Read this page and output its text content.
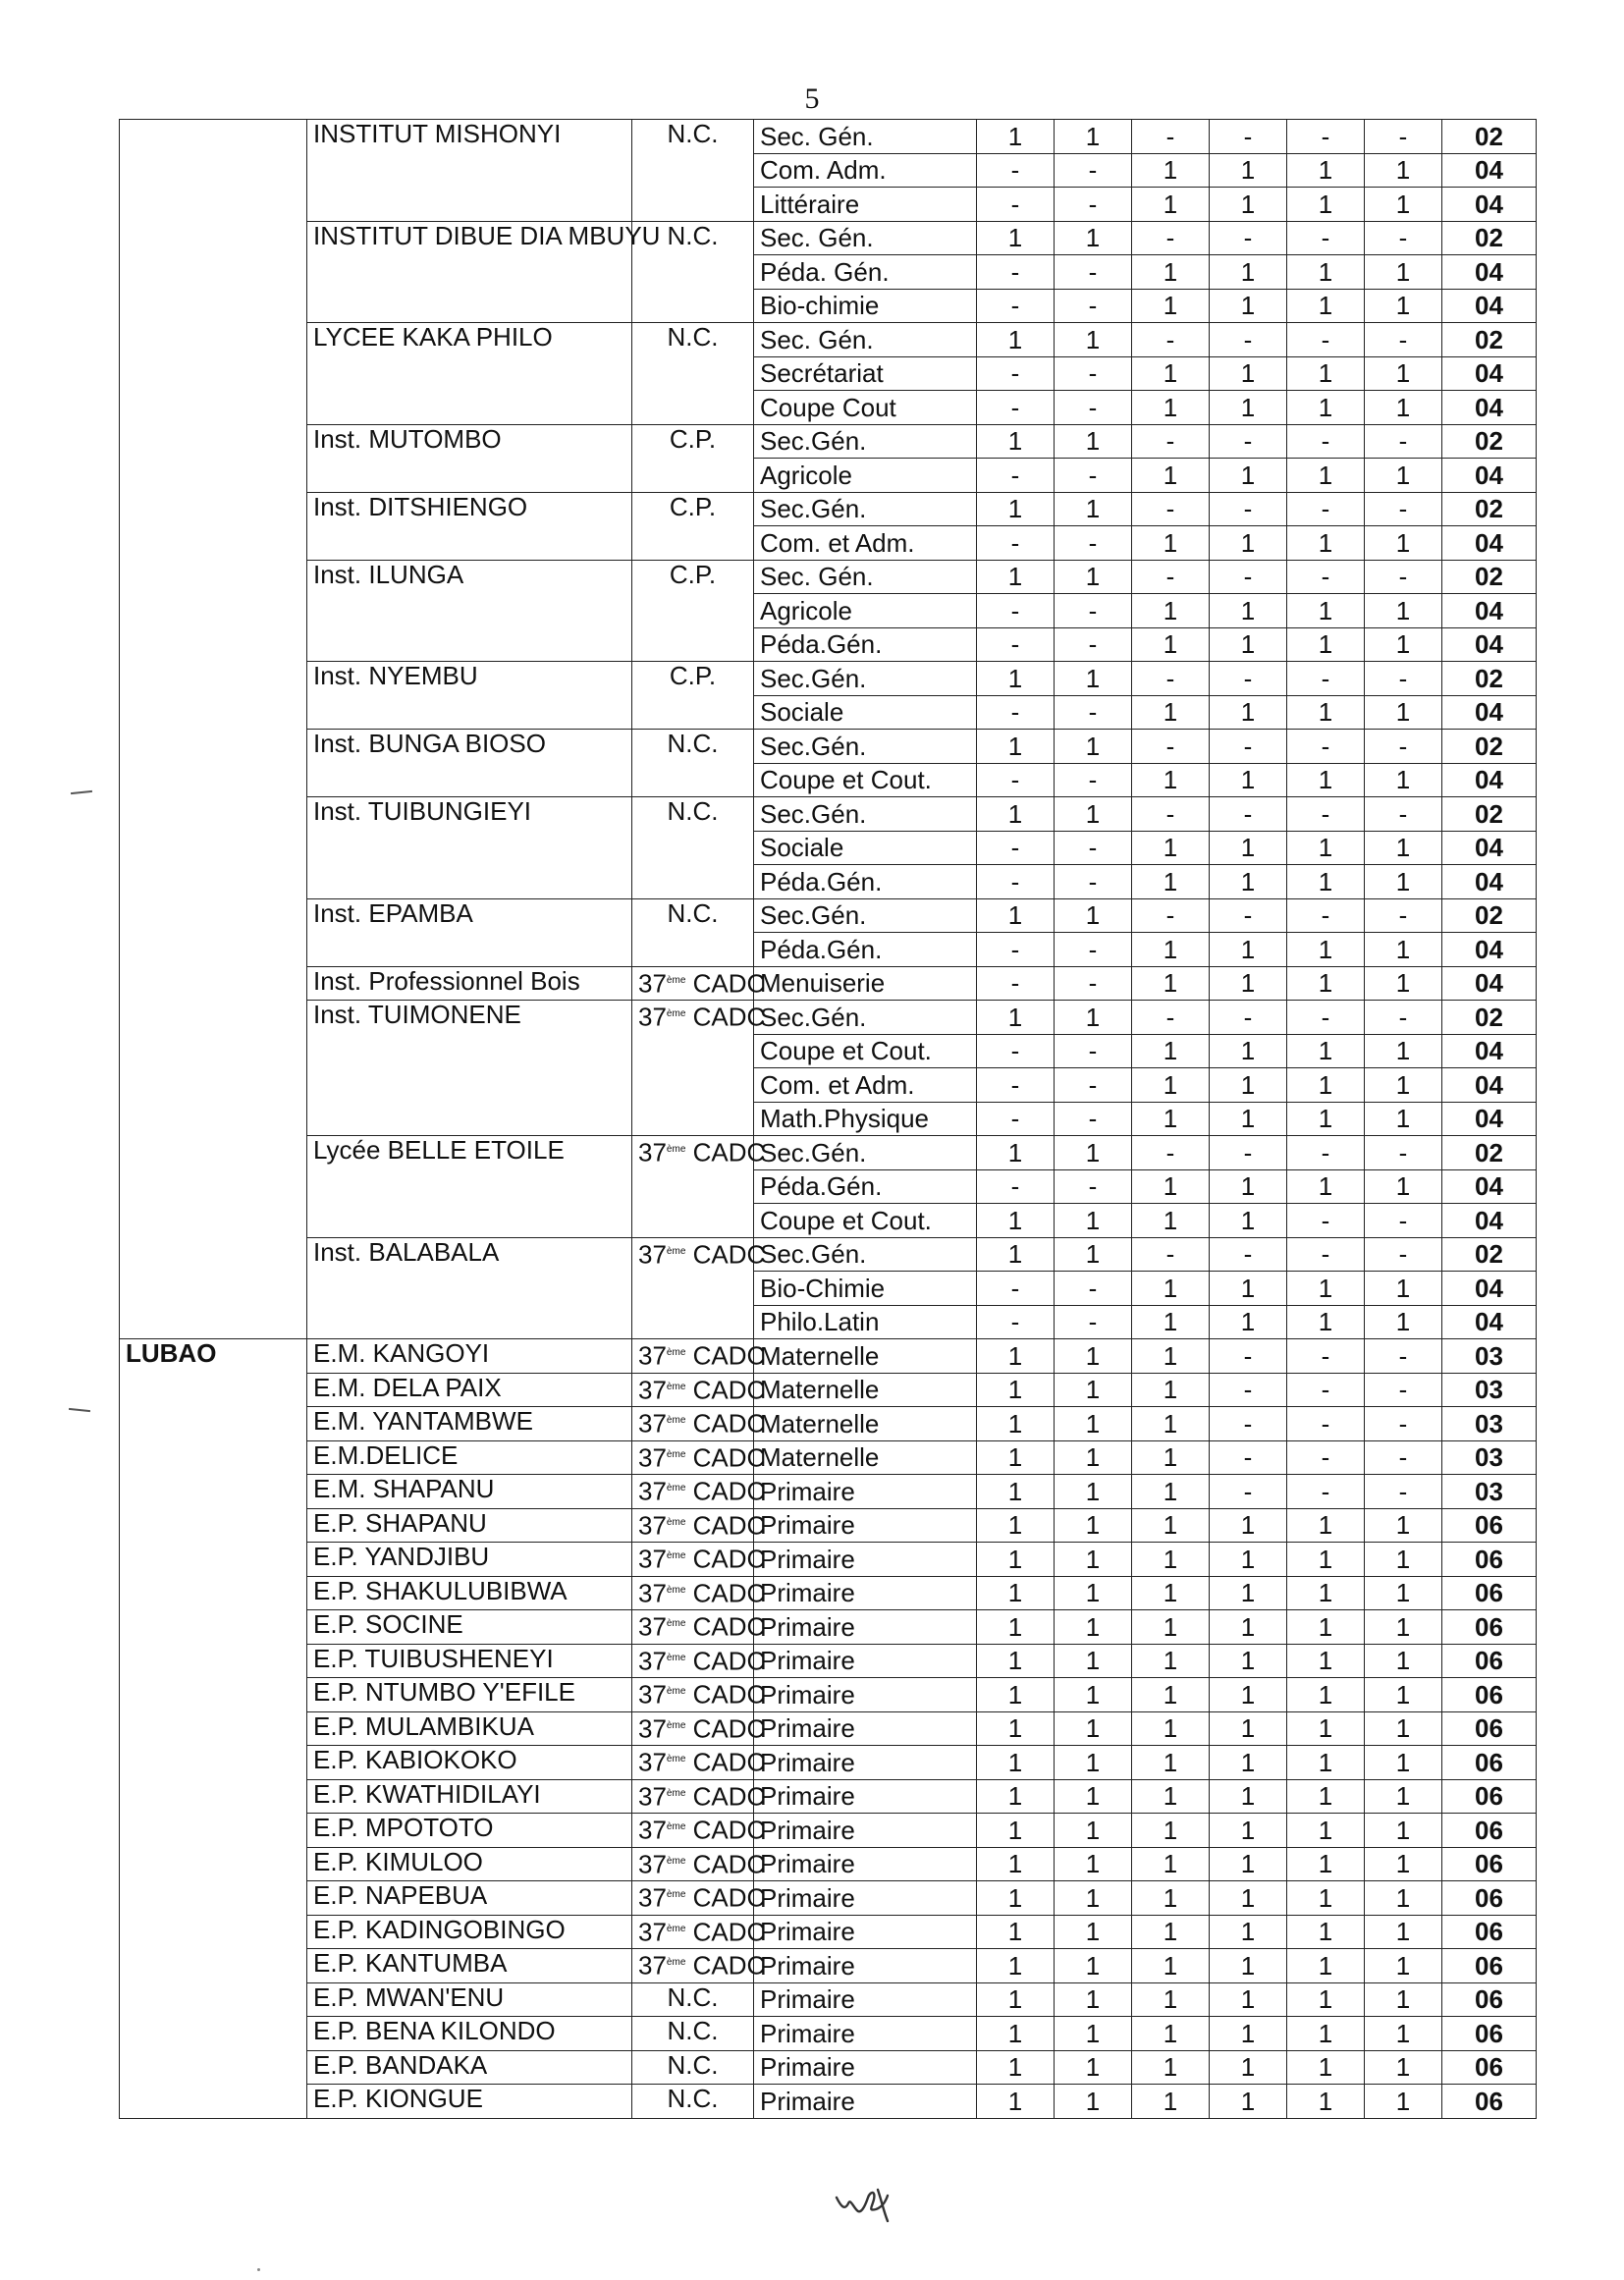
5
	INSTITUT MISHONYI	N.C.	Sec. Gén.	1	1	-	-	-	-	02
			Com. Adm.	-	-	1	1	1	1	04
			Littéraire	-	-	1	1	1	1	04
	INSTITUT DIBUE DIA MBUYU	N.C.	Sec. Gén.	1	1	-	-	-	-	02
			Péda. Gén.	-	-	1	1	1	1	04
			Bio-chimie	-	-	1	1	1	1	04
	LYCEE KAKA PHILO	N.C.	Sec. Gén.	1	1	-	-	-	-	02
			Secrétariat	-	-	1	1	1	1	04
			Coupe Cout	-	-	1	1	1	1	04
	Inst. MUTOMBO	C.P.	Sec.Gén.	1	1	-	-	-	-	02
			Agricole	-	-	1	1	1	1	04
	Inst. DITSHIENGO	C.P.	Sec.Gén.	1	1	-	-	-	-	02
			Com. et Adm.	-	-	1	1	1	1	04
	Inst. ILUNGA	C.P.	Sec. Gén.	1	1	-	-	-	-	02
			Agricole	-	-	1	1	1	1	04
			Péda.Gén.	-	-	1	1	1	1	04
	Inst. NYEMBU	C.P.	Sec.Gén.	1	1	-	-	-	-	02
			Sociale	-	-	1	1	1	1	04
	Inst. BUNGA BIOSO	N.C.	Sec.Gén.	1	1	-	-	-	-	02
			Coupe et Cout.	-	-	1	1	1	1	04
	Inst. TUIBUNGIEYI	N.C.	Sec.Gén.	1	1	-	-	-	-	02
			Sociale	-	-	1	1	1	1	04
			Péda.Gén.	-	-	1	1	1	1	04
	Inst. EPAMBA	N.C.	Sec.Gén.	1	1	-	-	-	-	02
			Péda.Gén.	-	-	1	1	1	1	04
	Inst. Professionnel Bois	37ème CADC	Menuiserie	-	-	1	1	1	1	04
	Inst. TUIMONENE	37ème CADC	Sec.Gén.	1	1	-	-	-	-	02
			Coupe et Cout.	-	-	1	1	1	1	04
			Com. et Adm.	-	-	1	1	1	1	04
			Math.Physique	-	-	1	1	1	1	04
	Lycée BELLE ETOILE	37ème CADC	Sec.Gén.	1	1	-	-	-	-	02
			Péda.Gén.	-	-	1	1	1	1	04
			Coupe et Cout.	1	1	1	1	-	-	04
	Inst. BALABALA	37ème CADC	Sec.Gén.	1	1	-	-	-	-	02
			Bio-Chimie	-	-	1	1	1	1	04
			Philo.Latin	-	-	1	1	1	1	04
LUBAO	E.M. KANGOYI	37ème CADC	Maternelle	1	1	1	-	-	-	03
	E.M. DELA PAIX	37ème CADC	Maternelle	1	1	1	-	-	-	03
	E.M. YANTAMBWE	37ème CADC	Maternelle	1	1	1	-	-	-	03
	E.M.DELICE	37ème CADC	Maternelle	1	1	1	-	-	-	03
	E.M. SHAPANU	37ème CADC	Primaire	1	1	1	-	-	-	03
	E.P. SHAPANU	37ème CADC	Primaire	1	1	1	1	1	1	06
	E.P. YANDJIBU	37ème CADC	Primaire	1	1	1	1	1	1	06
	E.P. SHAKULUBIBWA	37ème CADC	Primaire	1	1	1	1	1	1	06
	E.P. SOCINE	37ème CADC	Primaire	1	1	1	1	1	1	06
	E.P. TUIBUSHENEYI	37ème CADC	Primaire	1	1	1	1	1	1	06
	E.P. NTUMBO Y'EFILE	37ème CADC	Primaire	1	1	1	1	1	1	06
	E.P. MULAMBIKUA	37ème CADC	Primaire	1	1	1	1	1	1	06
	E.P. KABIOKOKO	37ème CADC	Primaire	1	1	1	1	1	1	06
	E.P. KWATHIDILAYI	37ème CADC	Primaire	1	1	1	1	1	1	06
	E.P. MPOTOTO	37ème CADC	Primaire	1	1	1	1	1	1	06
	E.P. KIMULOO	37ème CADC	Primaire	1	1	1	1	1	1	06
	E.P. NAPEBUA	37ème CADC	Primaire	1	1	1	1	1	1	06
	E.P. KADINGOBINGO	37ème CADC	Primaire	1	1	1	1	1	1	06
	E.P. KANTUMBA	37ème CADC	Primaire	1	1	1	1	1	1	06
	E.P. MWAN'ENU	N.C.	Primaire	1	1	1	1	1	1	06
	E.P. BENA KILONDO	N.C.	Primaire	1	1	1	1	1	1	06
	E.P. BANDAKA	N.C.	Primaire	1	1	1	1	1	1	06
	E.P. KIONGUE	N.C.	Primaire	1	1	1	1	1	1	06
